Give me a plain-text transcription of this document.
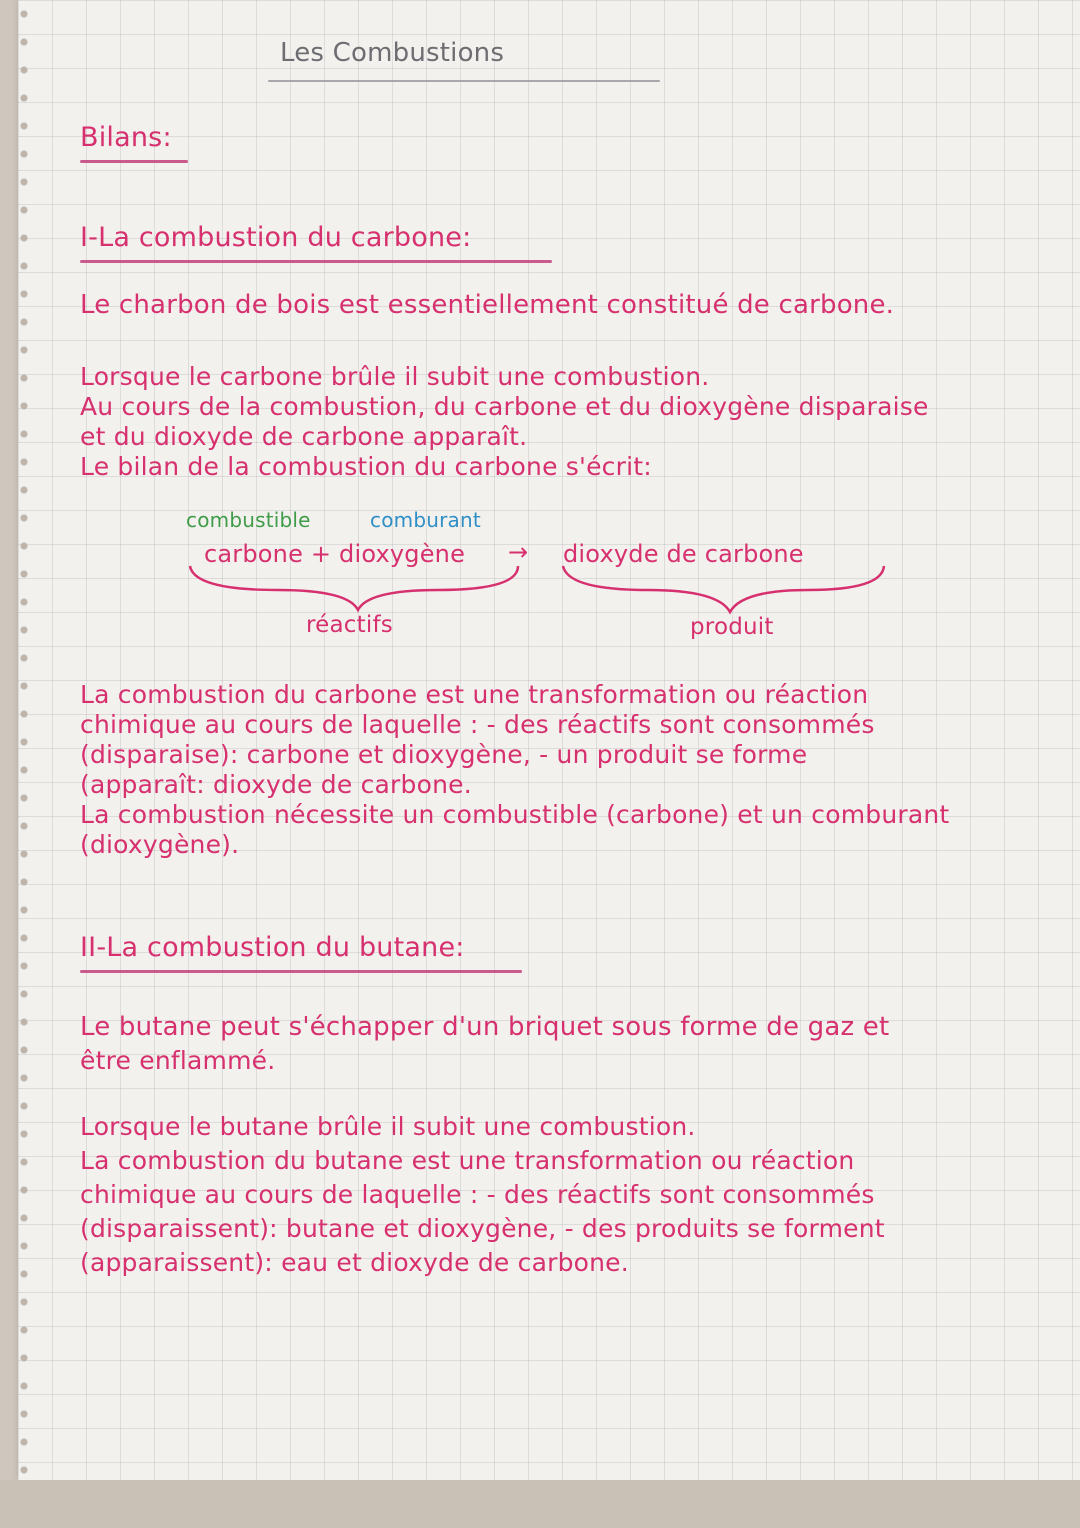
Les Combustions
Bilans:
I-La combustion du carbone:
Le charbon de bois est essentiellement constitué de carbone.
Lorsque le carbone brûle il subit une combustion.
Au cours de la combustion, du carbone et du dioxygène disparaise
et du dioxyde de carbone apparaît.
Le bilan de la combustion du carbone s'écrit:
combustible	comburant
carbone + dioxygène → dioxyde de carbone
réactifs	produit
La combustion du carbone est une transformation ou réaction
chimique au cours de laquelle : - des réactifs sont consommés
(disparaise): carbone et dioxygène, - un produit se forme
(apparaît: dioxyde de carbone.
La combustion nécessite un combustible (carbone) et un comburant
(dioxygène).
II-La combustion du butane:
Le butane peut s'échapper d'un briquet sous forme de gaz et
être enflammé.
Lorsque le butane brûle il subit une combustion.
La combustion du butane est une transformation ou réaction
chimique au cours de laquelle : - des réactifs sont consommés
(disparaissent): butane et dioxygène, - des produits se forment
(apparaissent): eau et dioxyde de carbone.
